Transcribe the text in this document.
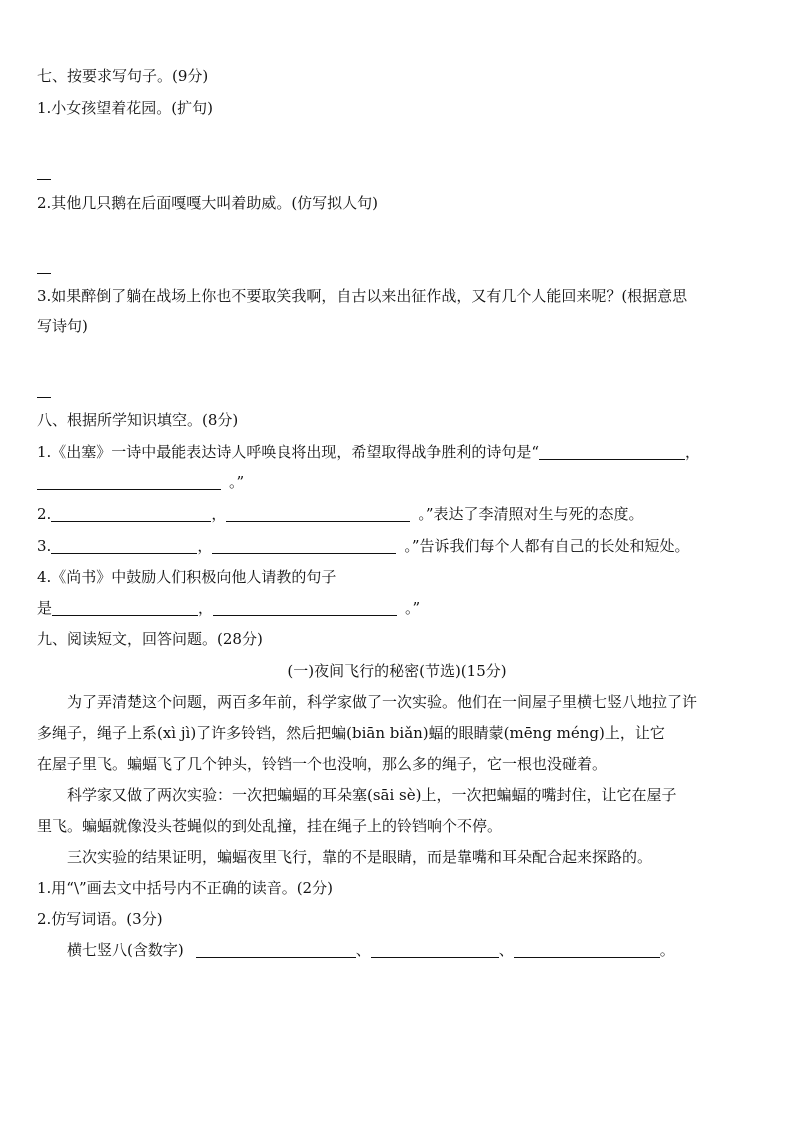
七、按要求写句子。(9分)
1.小女孩望着花园。(扩句)
2.其他几只鹅在后面嘎嘎大叫着助威。(仿写拟人句)
3.如果醉倒了躺在战场上你也不要取笑我啊，自古以来出征作战，又有几个人能回来呢？(根据意思
写诗句)
八、根据所学知识填空。(8分)
1.《出塞》一诗中最能表达诗人呼唤良将出现，希望取得战争胜利的诗句是“	，
。”
2.	，	。”表达了李清照对生与死的态度。
3.	，	。”告诉我们每个人都有自己的长处和短处。
4.《尚书》中鼓励人们积极向他人请教的句子
是	，	。”
九、阅读短文，回答问题。(28分)
(一)夜间飞行的秘密(节选)(15分)
为了弄清楚这个问题，两百多年前，科学家做了一次实验。他们在一间屋子里横七竖八地拉了许
多绳子，绳子上系(xì jì)了许多铃铛，然后把蝙(biān biǎn)蝠的眼睛蒙(mēng méng)上，让它
在屋子里飞。蝙蝠飞了几个钟头，铃铛一个也没响，那么多的绳子，它一根也没碰着。
科学家又做了两次实验：一次把蝙蝠的耳朵塞(sāi sè)上，一次把蝙蝠的嘴封住，让它在屋子
里飞。蝙蝠就像没头苍蝇似的到处乱撞，挂在绳子上的铃铛响个不停。
三次实验的结果证明，蝙蝠夜里飞行，靠的不是眼睛，而是靠嘴和耳朵配合起来探路的。
1.用“\”画去文中括号内不正确的读音。(2分)
2.仿写词语。(3分)
横七竖八(含数字)	、	、	。
